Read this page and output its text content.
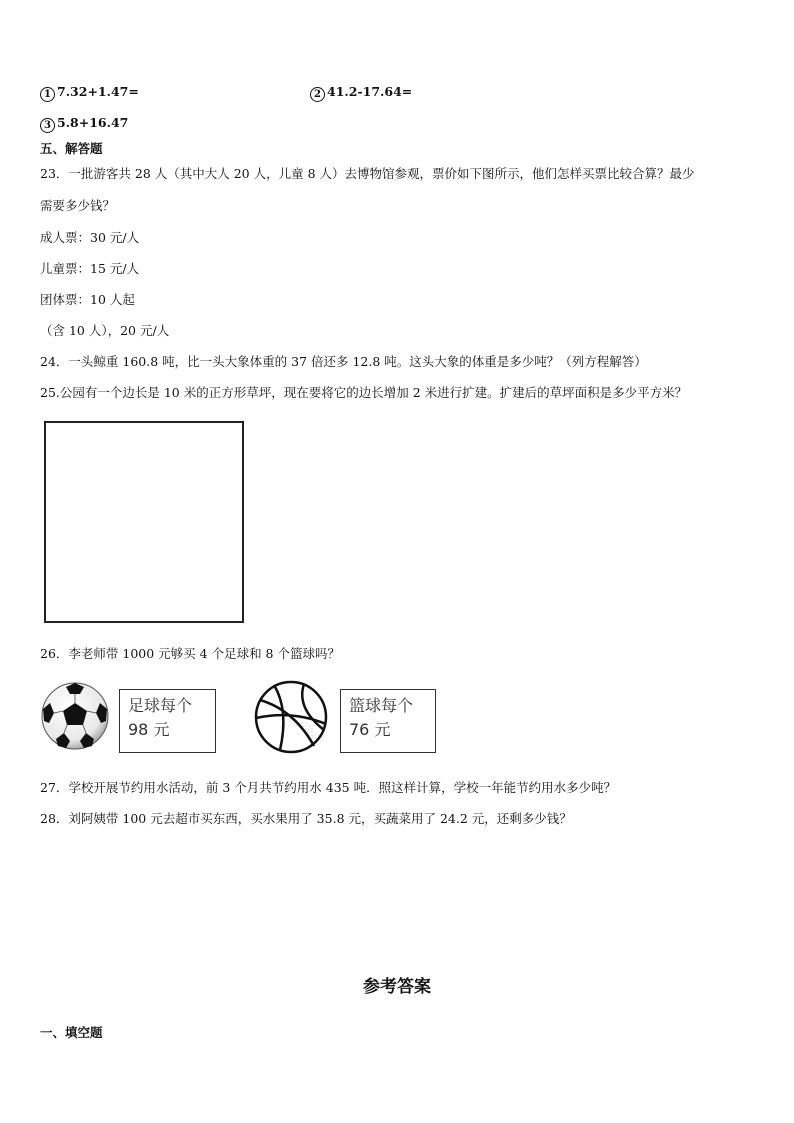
1 7.32+1.47=	2 41.2-17.64=
3 5.8+16.47
五、解答题
23．一批游客共 28 人（其中大人 20 人，儿童 8 人）去博物馆参观，票价如下图所示，他们怎样买票比较合算？最少
需要多少钱？
成人票：30 元/人
儿童票：15 元/人
团体票：10 人起
（含 10 人），20 元/人
24．一头鲸重 160.8 吨，比一头大象体重的 37 倍还多 12.8 吨。这头大象的体重是多少吨？（列方程解答）
25.公园有一个边长是 10 米的正方形草坪，现在要将它的边长增加 2 米进行扩建。扩建后的草坪面积是多少平方米？
26．李老师带 1000 元够买 4 个足球和 8 个篮球吗？
足球每个
98 元
篮球每个
76 元
27．学校开展节约用水活动，前 3 个月共节约用水 435 吨．照这样计算，学校一年能节约用水多少吨？
28．刘阿姨带 100 元去超市买东西，买水果用了 35.8 元，买蔬菜用了 24.2 元，还剩多少钱？
参考答案
一、填空题
